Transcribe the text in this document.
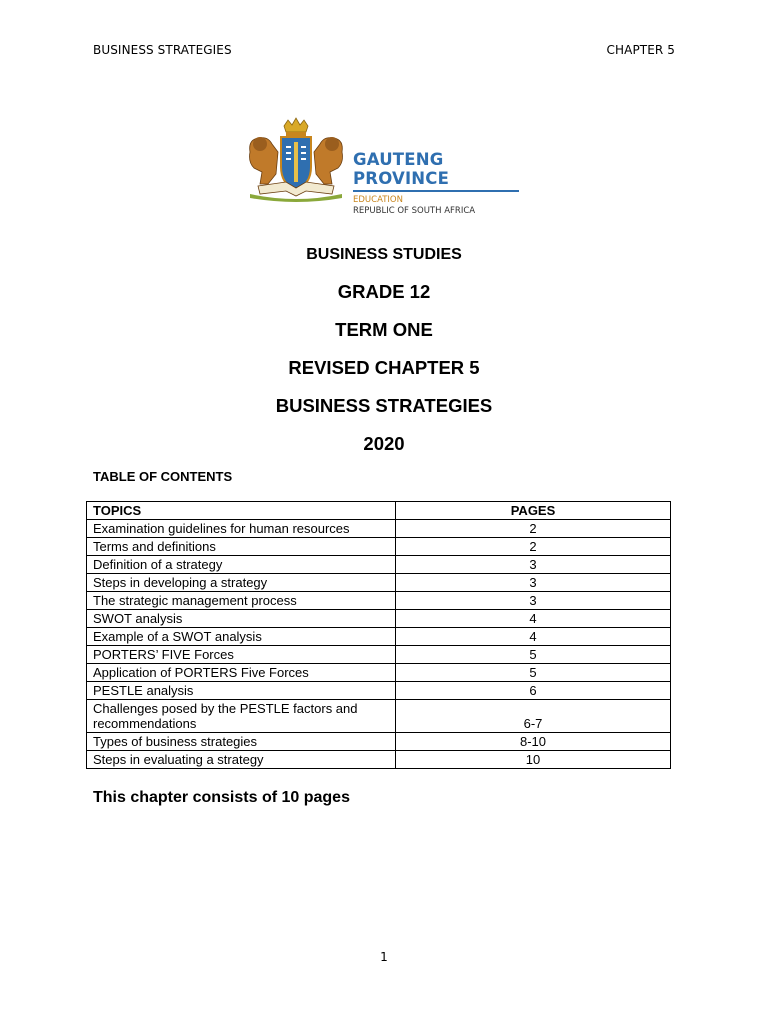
BUSINESS STRATEGIES	CHAPTER 5
GAUTENG PROVINCE
EDUCATION
REPUBLIC OF SOUTH AFRICA
BUSINESS STUDIES
GRADE 12
TERM ONE
REVISED CHAPTER 5
BUSINESS STRATEGIES
2020
TABLE OF CONTENTS
TOPICS	PAGES
Examination guidelines for human resources	2
Terms and definitions	2
Definition of a strategy	3
Steps in developing a strategy	3
The strategic management process	3
SWOT analysis	4
Example of a SWOT analysis	4
PORTERS’ FIVE Forces	5
Application of PORTERS Five Forces	5
PESTLE analysis	6
Challenges posed by the PESTLE factors and recommendations	6-7
Types of business strategies	8-10
Steps in evaluating a strategy	10
This chapter consists of 10 pages
1
